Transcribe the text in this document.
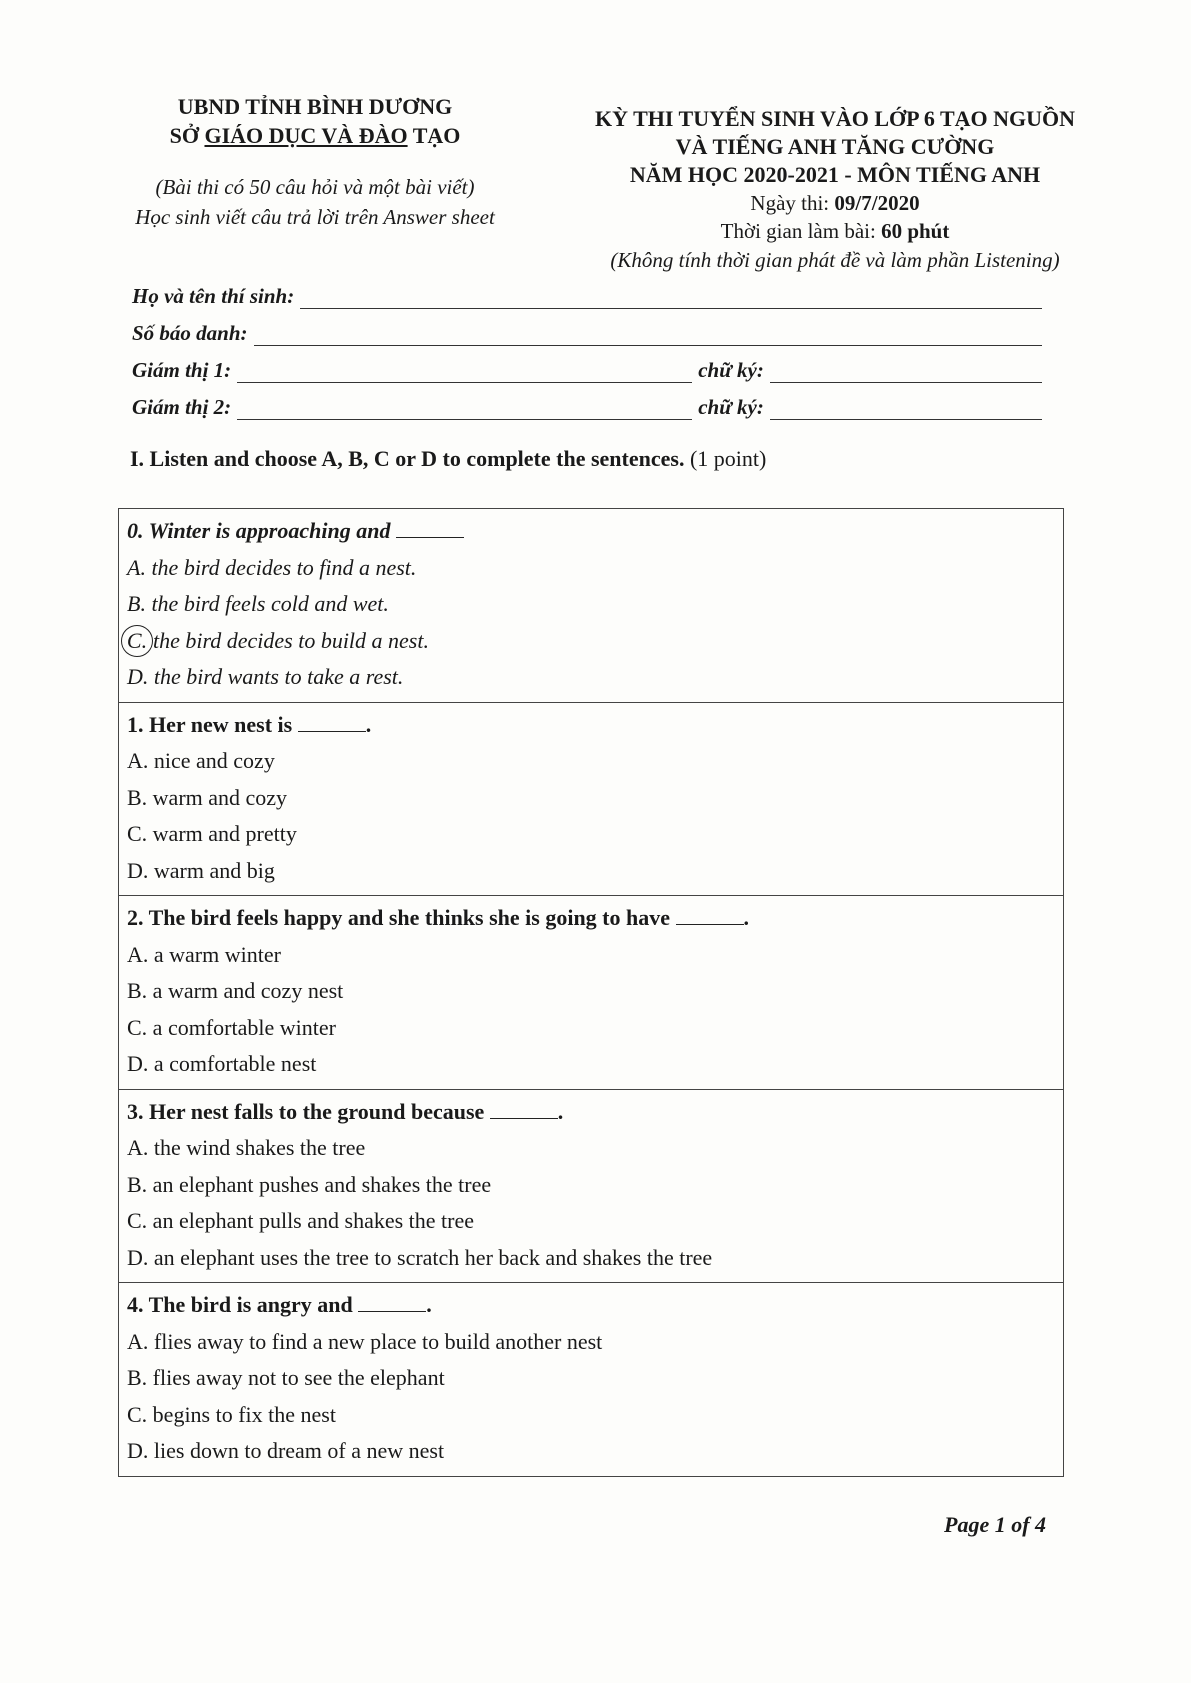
UBND TỈNH BÌNH DƯƠNG
SỞ GIÁO DỤC VÀ ĐÀO TẠO
(Bài thi có 50 câu hỏi và một bài viết)
Học sinh viết câu trả lời trên Answer sheet
KỲ THI TUYỂN SINH VÀO LỚP 6 TẠO NGUỒN
VÀ TIẾNG ANH TĂNG CƯỜNG
NĂM HỌC 2020-2021 - MÔN TIẾNG ANH
Ngày thi: 09/7/2020
Thời gian làm bài: 60 phút
(Không tính thời gian phát đề và làm phần Listening)
Họ và tên thí sinh:
Số báo danh:
Giám thị 1:	chữ ký:
Giám thị 2:	chữ ký:
I. Listen and choose A, B, C or D to complete the sentences. (1 point)
0. Winter is approaching and
A. the bird decides to find a nest.
B. the bird feels cold and wet.
C. the bird decides to build a nest.
D. the bird wants to take a rest.
1. Her new nest is	.
A. nice and cozy
B. warm and cozy
C. warm and pretty
D. warm and big
2. The bird feels happy and she thinks she is going to have	.
A. a warm winter
B. a warm and cozy nest
C. a comfortable winter
D. a comfortable nest
3. Her nest falls to the ground because	.
A. the wind shakes the tree
B. an elephant pushes and shakes the tree
C. an elephant pulls and shakes the tree
D. an elephant uses the tree to scratch her back and shakes the tree
4. The bird is angry and	.
A. flies away to find a new place to build another nest
B. flies away not to see the elephant
C. begins to fix the nest
D. lies down to dream of a new nest
Page 1 of 4
